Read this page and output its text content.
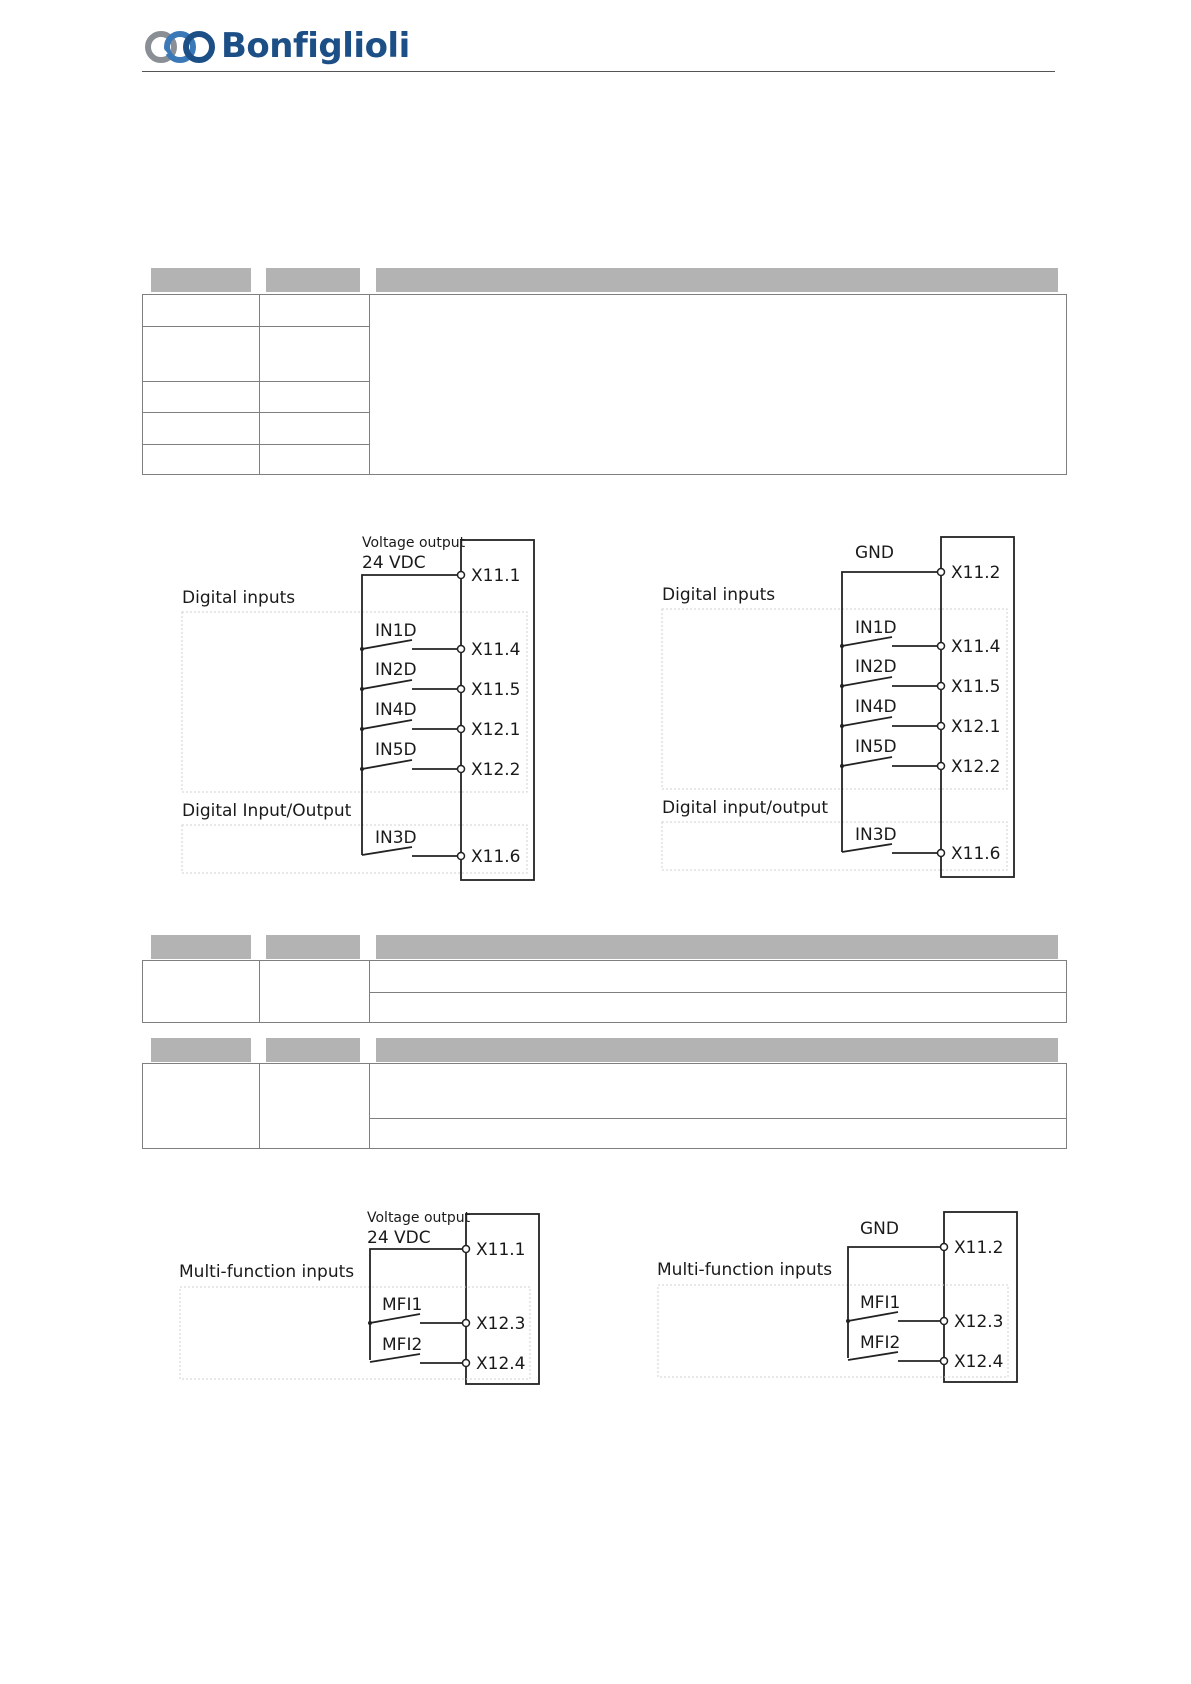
Bonfiglioli
Voltage output
24 VDC
Digital inputs
Digital Input/Output
X11.1
IN1D
X11.4
IN2D
X11.5
IN4D
X12.1
IN5D
X12.2
IN3D
X11.6
GND
Digital inputs
Digital input/output
X11.2
IN1D
X11.4
IN2D
X11.5
IN4D
X12.1
IN5D
X12.2
IN3D
X11.6
Voltage output
24 VDC
Multi-function inputs
X11.1
MFI1
X12.3
MFI2
X12.4
GND
Multi-function inputs
X11.2
MFI1
X12.3
MFI2
X12.4
